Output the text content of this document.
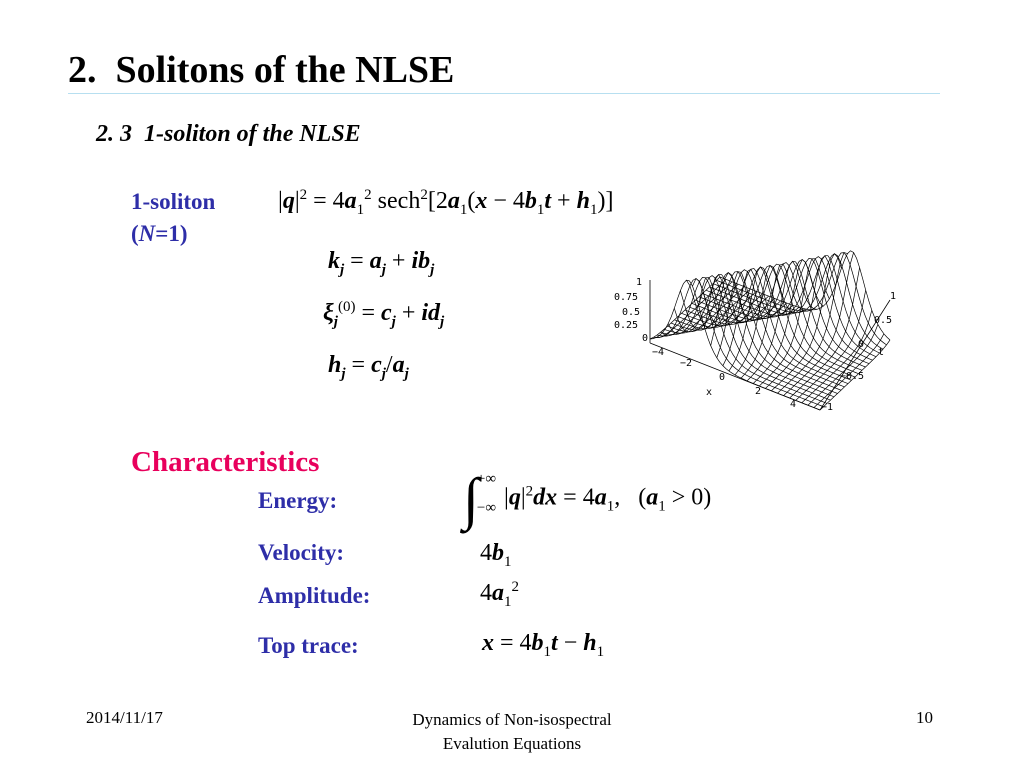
2.  Solitons of the NLSE
2. 3  1-soliton of the NLSE
1-soliton
(N=1)
$|q|^2 = 4a_1^2$ $\sec h^2[2a_1(x - 4b_1t + h_1)]$
$k_j = a_j + ib_j$
$\xi_j^{(0)} = c_j + id_j$
$h_j = c_j/a_j$
1
0.75
0.5
0.25
0
−4
−2
0
2
4
x
1
0.5
0
−0.5
−1
t
Characteristics
Energy:
Velocity:
Amplitude:
Top trace:
∫
+∞
−∞ $|q|^2dx = 4a_1$,   $(a_1 > 0)$
$4b_1$
$4a_1^2$
$x = 4b_1t - h_1$
2014/11/17	Dynamics of Non-isospectral
Evalution Equations
10
